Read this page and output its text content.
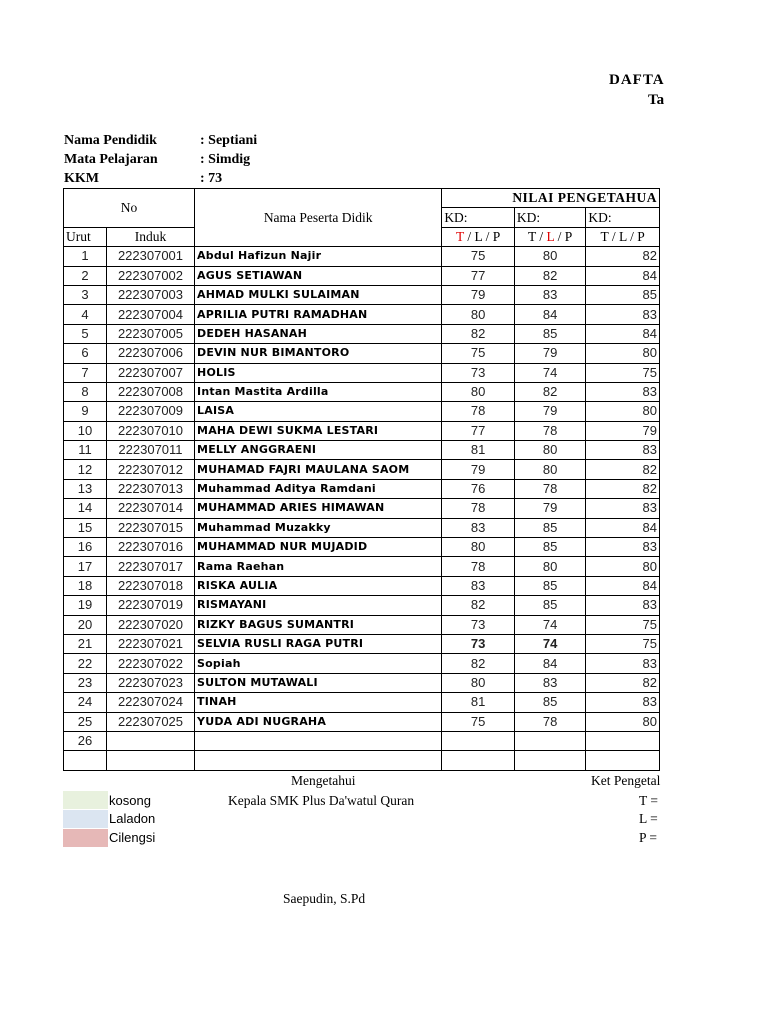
DAFTA
Ta
Nama Pendidik	: Septiani
Mata Pelajaran	: Simdig
KKM	: 73
No		Nama Peserta Didik	NILAI PENGETAHUA		
			KD:	KD:	KD:
Urut	Induk		T / L / P	T / L / P	T / L / P
1	222307001	Abdul Hafizun Najir	75	80	82
2	222307002	AGUS SETIAWAN	77	82	84
3	222307003	AHMAD MULKI SULAIMAN	79	83	85
4	222307004	APRILIA PUTRI RAMADHAN	80	84	83
5	222307005	DEDEH HASANAH	82	85	84
6	222307006	DEVIN NUR BIMANTORO	75	79	80
7	222307007	HOLIS	73	74	75
8	222307008	Intan Mastita Ardilla	80	82	83
9	222307009	LAISA	78	79	80
10	222307010	MAHA DEWI SUKMA LESTARI	77	78	79
11	222307011	MELLY ANGGRAENI	81	80	83
12	222307012	MUHAMAD FAJRI MAULANA SAOM	79	80	82
13	222307013	Muhammad Aditya Ramdani	76	78	82
14	222307014	MUHAMMAD ARIES HIMAWAN	78	79	83
15	222307015	Muhammad Muzakky	83	85	84
16	222307016	MUHAMMAD NUR MUJADID	80	85	83
17	222307017	Rama Raehan	78	80	80
18	222307018	RISKA AULIA	83	85	84
19	222307019	RISMAYANI	82	85	83
20	222307020	RIZKY BAGUS SUMANTRI	73	74	75
21	222307021	SELVIA RUSLI RAGA PUTRI	73	74	75
22	222307022	Sopiah	82	84	83
23	222307023	SULTON MUTAWALI	80	83	82
24	222307024	TINAH	81	85	83
25	222307025	YUDA ADI NUGRAHA	75	78	80
26					

Mengetahui
Kepala SMK Plus Da'watul Quran
Saepudin, S.Pd
Ket Pengetal
T =
L =
P =
kosong
Laladon
Cilengsi
